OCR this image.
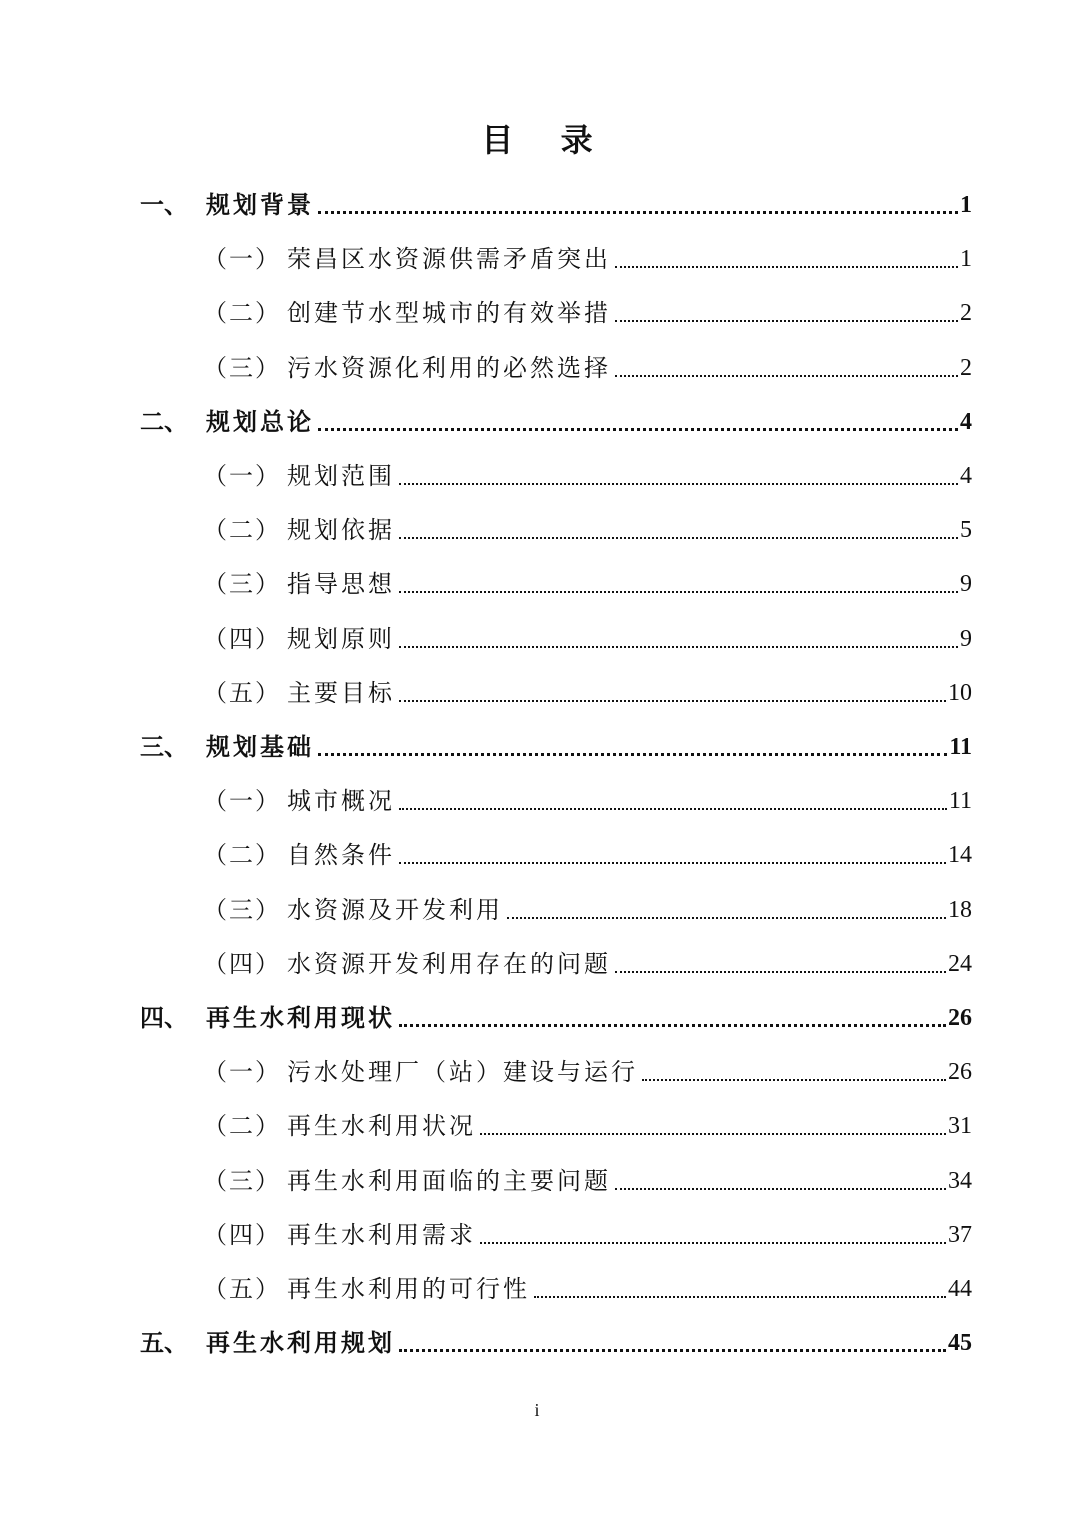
目 录
一、 规划背景	1
（一） 荣昌区水资源供需矛盾突出	1
（二） 创建节水型城市的有效举措	2
（三） 污水资源化利用的必然选择	2
二、 规划总论	4
（一） 规划范围	4
（二） 规划依据	5
（三） 指导思想	9
（四） 规划原则	9
（五） 主要目标	10
三、 规划基础	11
（一） 城市概况	11
（二） 自然条件	14
（三） 水资源及开发利用	18
（四） 水资源开发利用存在的问题	24
四、 再生水利用现状	26
（一） 污水处理厂（站）建设与运行	26
（二） 再生水利用状况	31
（三） 再生水利用面临的主要问题	34
（四） 再生水利用需求	37
（五） 再生水利用的可行性	44
五、 再生水利用规划	45
i
